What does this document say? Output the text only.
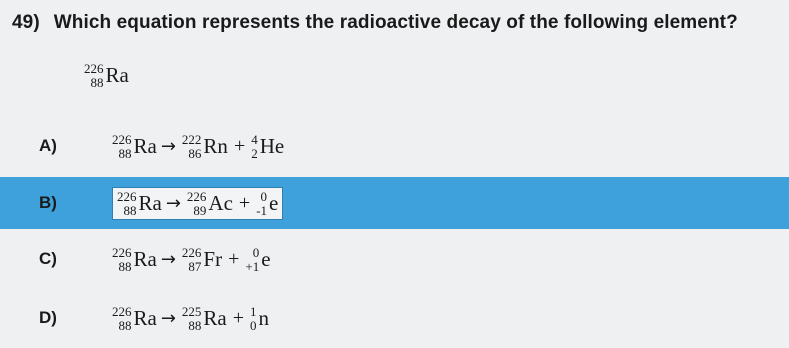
49) Which equation represents the radioactive decay of the following element?
226
88 Ra
A)	226
88 Ra → 222
86 Rn + 4
2 He
B)	226
88 Ra → 226
89 Ac + 0
-1 e
C)	226
88 Ra → 226
87 Fr + 0
+1 e
D)	226
88 Ra → 225
88 Ra + 1
0 n
